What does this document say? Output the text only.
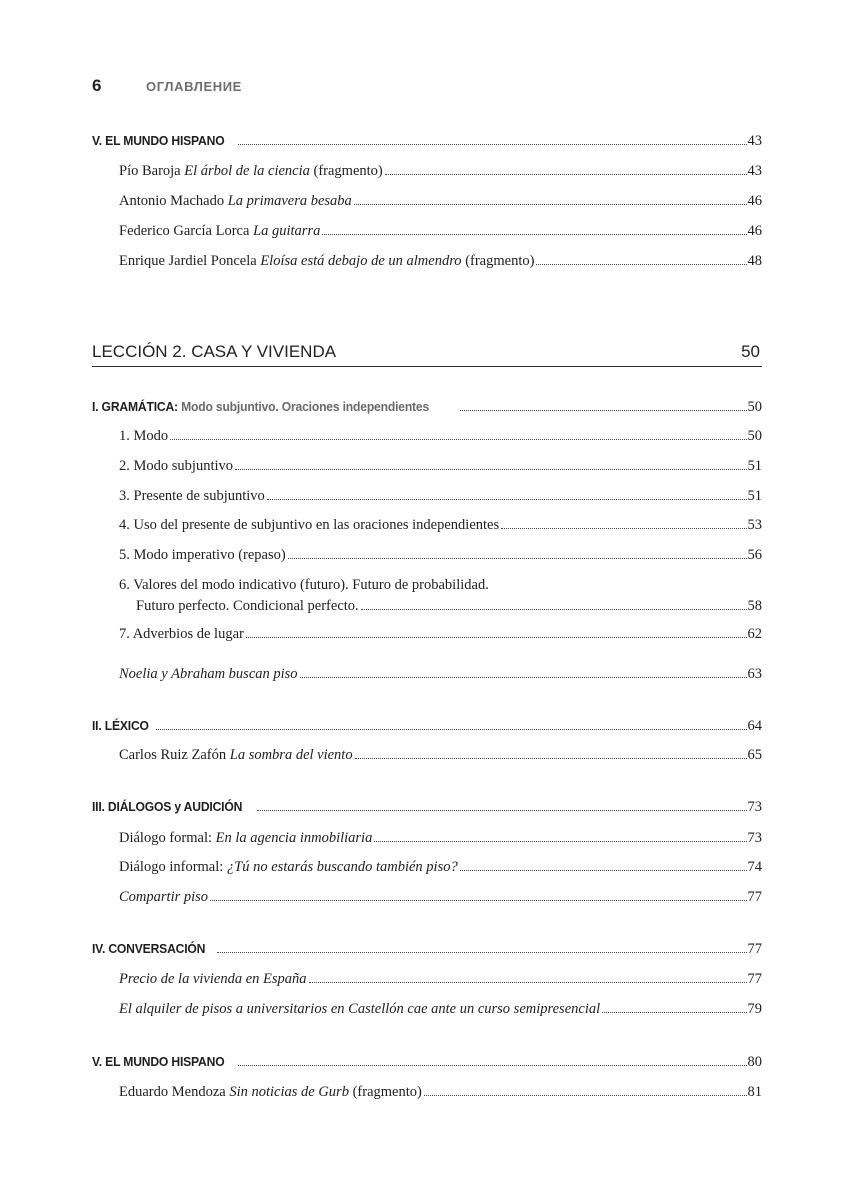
6	ОГЛАВЛЕНИЕ
V. EL MUNDO HISPANO	43
Pío Baroja El árbol de la ciencia (fragmento)	43
Antonio Machado La primavera besaba	46
Federico García Lorca La guitarra	46
Enrique Jardiel Poncela Eloísa está debajo de un almendro (fragmento)	48
LECCIÓN 2. CASA Y VIVIENDA	50
I. GRAMÁTICA: Modo subjuntivo. Oraciones independientes	50
1. Modo	50
2. Modo subjuntivo	51
3. Presente de subjuntivo	51
4. Uso del presente de subjuntivo en las oraciones independientes	53
5. Modo imperativo (repaso)	56
6. Valores del modo indicativo (futuro). Futuro de probabilidad.
Futuro perfecto. Condicional perfecto.	58
7. Adverbios de lugar	62
Noelia y Abraham buscan piso	63
II. LÉXICO	64
Carlos Ruiz Zafón La sombra del viento	65
III. DIÁLOGOS y AUDICIÓN	73
Diálogo formal: En la agencia inmobiliaria	73
Diálogo informal: ¿Tú no estarás buscando también piso?	74
Compartir piso	77
IV. CONVERSACIÓN	77
Precio de la vivienda en España	77
El alquiler de pisos a universitarios en Castellón cae ante un curso semipresencial	79
V. EL MUNDO HISPANO	80
Eduardo Mendoza Sin noticias de Gurb (fragmento)	81
